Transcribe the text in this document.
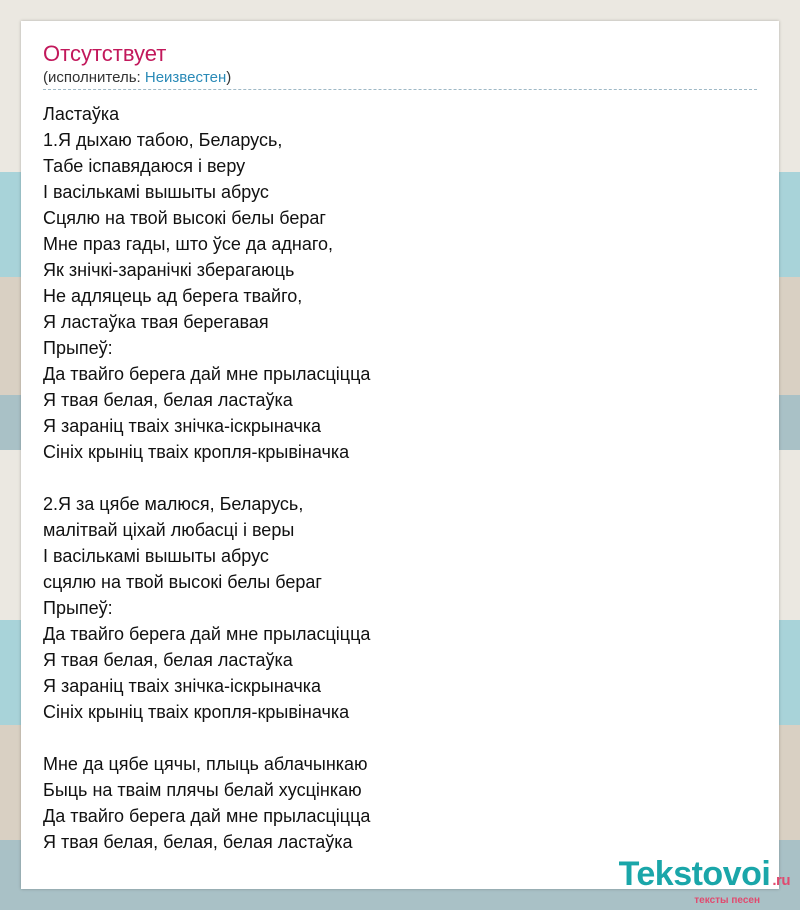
Отсутствует
(исполнитель: Неизвестен)
Ластаўка
1.Я дыхаю табою, Беларусь,
Табе іспавядаюся і веру
І васількамі вышыты абрус
Сцялю на твой высокі белы бераг
Мне праз гады, што ўсе да аднаго,
Як знічкі-заранічкі зберагаюць
Не адляцець ад берега твайго,
Я ластаўка твая берегавая
Прыпеў:
Да твайго берега дай мне прыласціцца
Я твая белая, белая ластаўка
Я зараніц тваіх знічка-іскрыначка
Сініх крыніц тваіх кропля-крывіначка
2.Я за цябе малюся, Беларусь,
малітвай ціхай любасці і веры
І васількамі вышыты абрус
сцялю на твой высокі белы бераг
Прыпеў:
Да твайго берега дай мне прыласціцца
Я твая белая, белая ластаўка
Я зараніц тваіх знічка-іскрыначка
Сініх крыніц тваіх кропля-крывіначка
Мне да цябе цячы, плыць аблачынкаю
Быць на тваім плячы белай хусцінкаю
Да твайго берега дай мне прыласціцца
Я твая белая, белая, белая ластаўка
Tekstovoi .ru
тексты песен
